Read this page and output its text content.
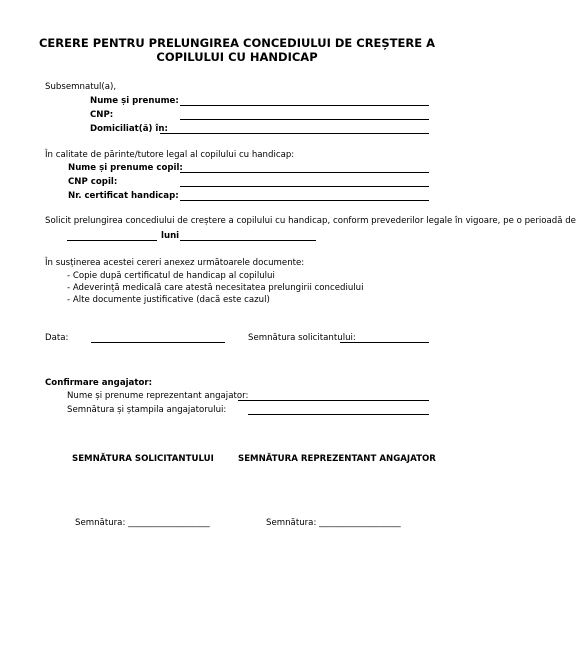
CERERE PENTRU PRELUNGIREA CONCEDIULUI DE CREȘTERE A
COPILULUI CU HANDICAP
Subsemnatul(a),
Nume și prenume:
CNP:
Domiciliat(ă) în:
În calitate de părinte/tutore legal al copilului cu handicap:
Nume și prenume copil:
CNP copil:
Nr. certificat handicap:
Solicit prelungirea concediului de creștere a copilului cu handicap, conform prevederilor legale în vigoare, pe o perioadă de
luni
În susținerea acestei cereri anexez următoarele documente:
- Copie după certificatul de handicap al copilului
- Adeverință medicală care atestă necesitatea prelungirii concediului
- Alte documente justificative (dacă este cazul)
Data:	Semnătura solicitantului:
Confirmare angajator:
Nume și prenume reprezentant angajator:
Semnătura și ștampila angajatorului:
SEMNĂTURA SOLICITANTULUI	SEMNĂTURA REPREZENTANT ANGAJATOR
Semnătura: ___________________	Semnătura: ___________________
